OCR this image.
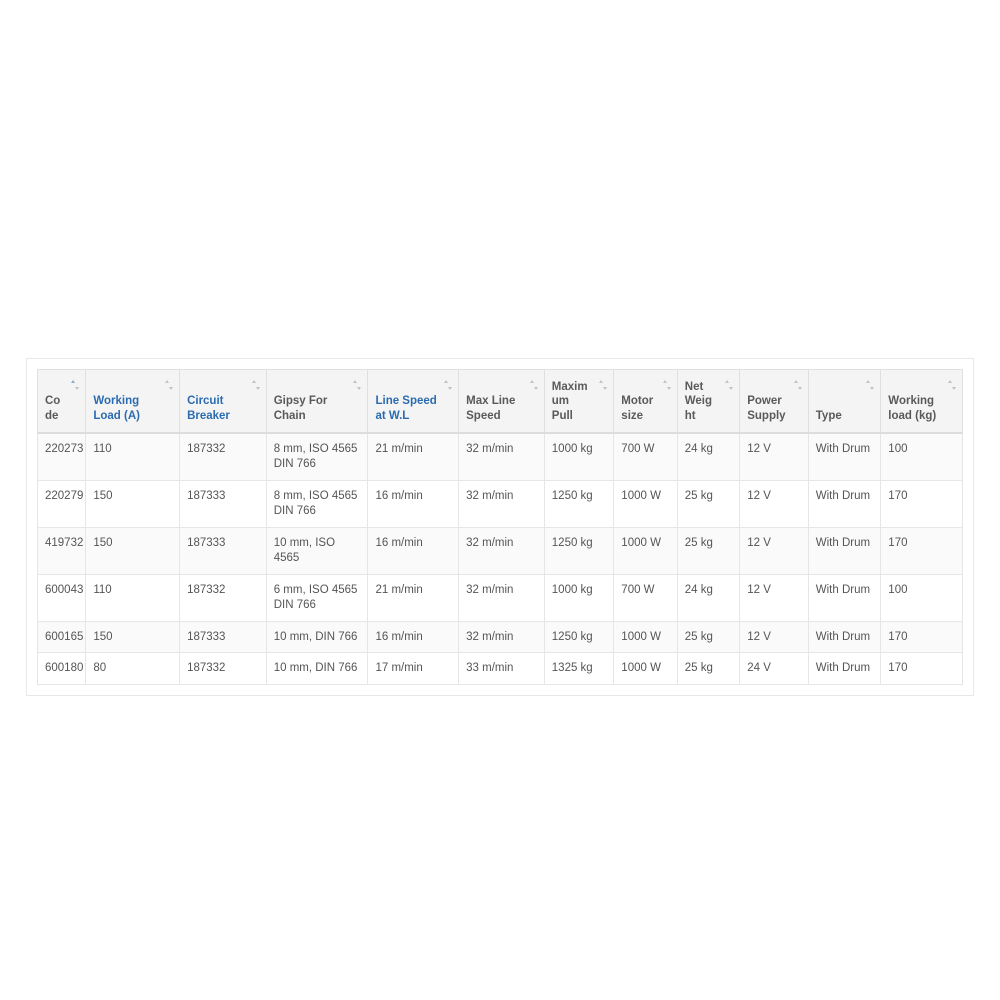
Code	Working Load (A)	Circuit Breaker	Gipsy For Chain	Line Speed at W.L	Max Line Speed	Maximum Pull	Motor size	Net Weight	Power Supply	Type	Working load (kg)

220273	110	187332	8 mm, ISO 4565 DIN 766	21 m/min	32 m/min	1000 kg	700 W	24 kg	12 V	With Drum	100
220279	150	187333	8 mm, ISO 4565 DIN 766	16 m/min	32 m/min	1250 kg	1000 W	25 kg	12 V	With Drum	170
419732	150	187333	10 mm, ISO 4565	16 m/min	32 m/min	1250 kg	1000 W	25 kg	12 V	With Drum	170
600043	110	187332	6 mm, ISO 4565 DIN 766	21 m/min	32 m/min	1000 kg	700 W	24 kg	12 V	With Drum	100
600165	150	187333	10 mm, DIN 766	16 m/min	32 m/min	1250 kg	1000 W	25 kg	12 V	With Drum	170
600180	80	187332	10 mm, DIN 766	17 m/min	33 m/min	1325 kg	1000 W	25 kg	24 V	With Drum	170
